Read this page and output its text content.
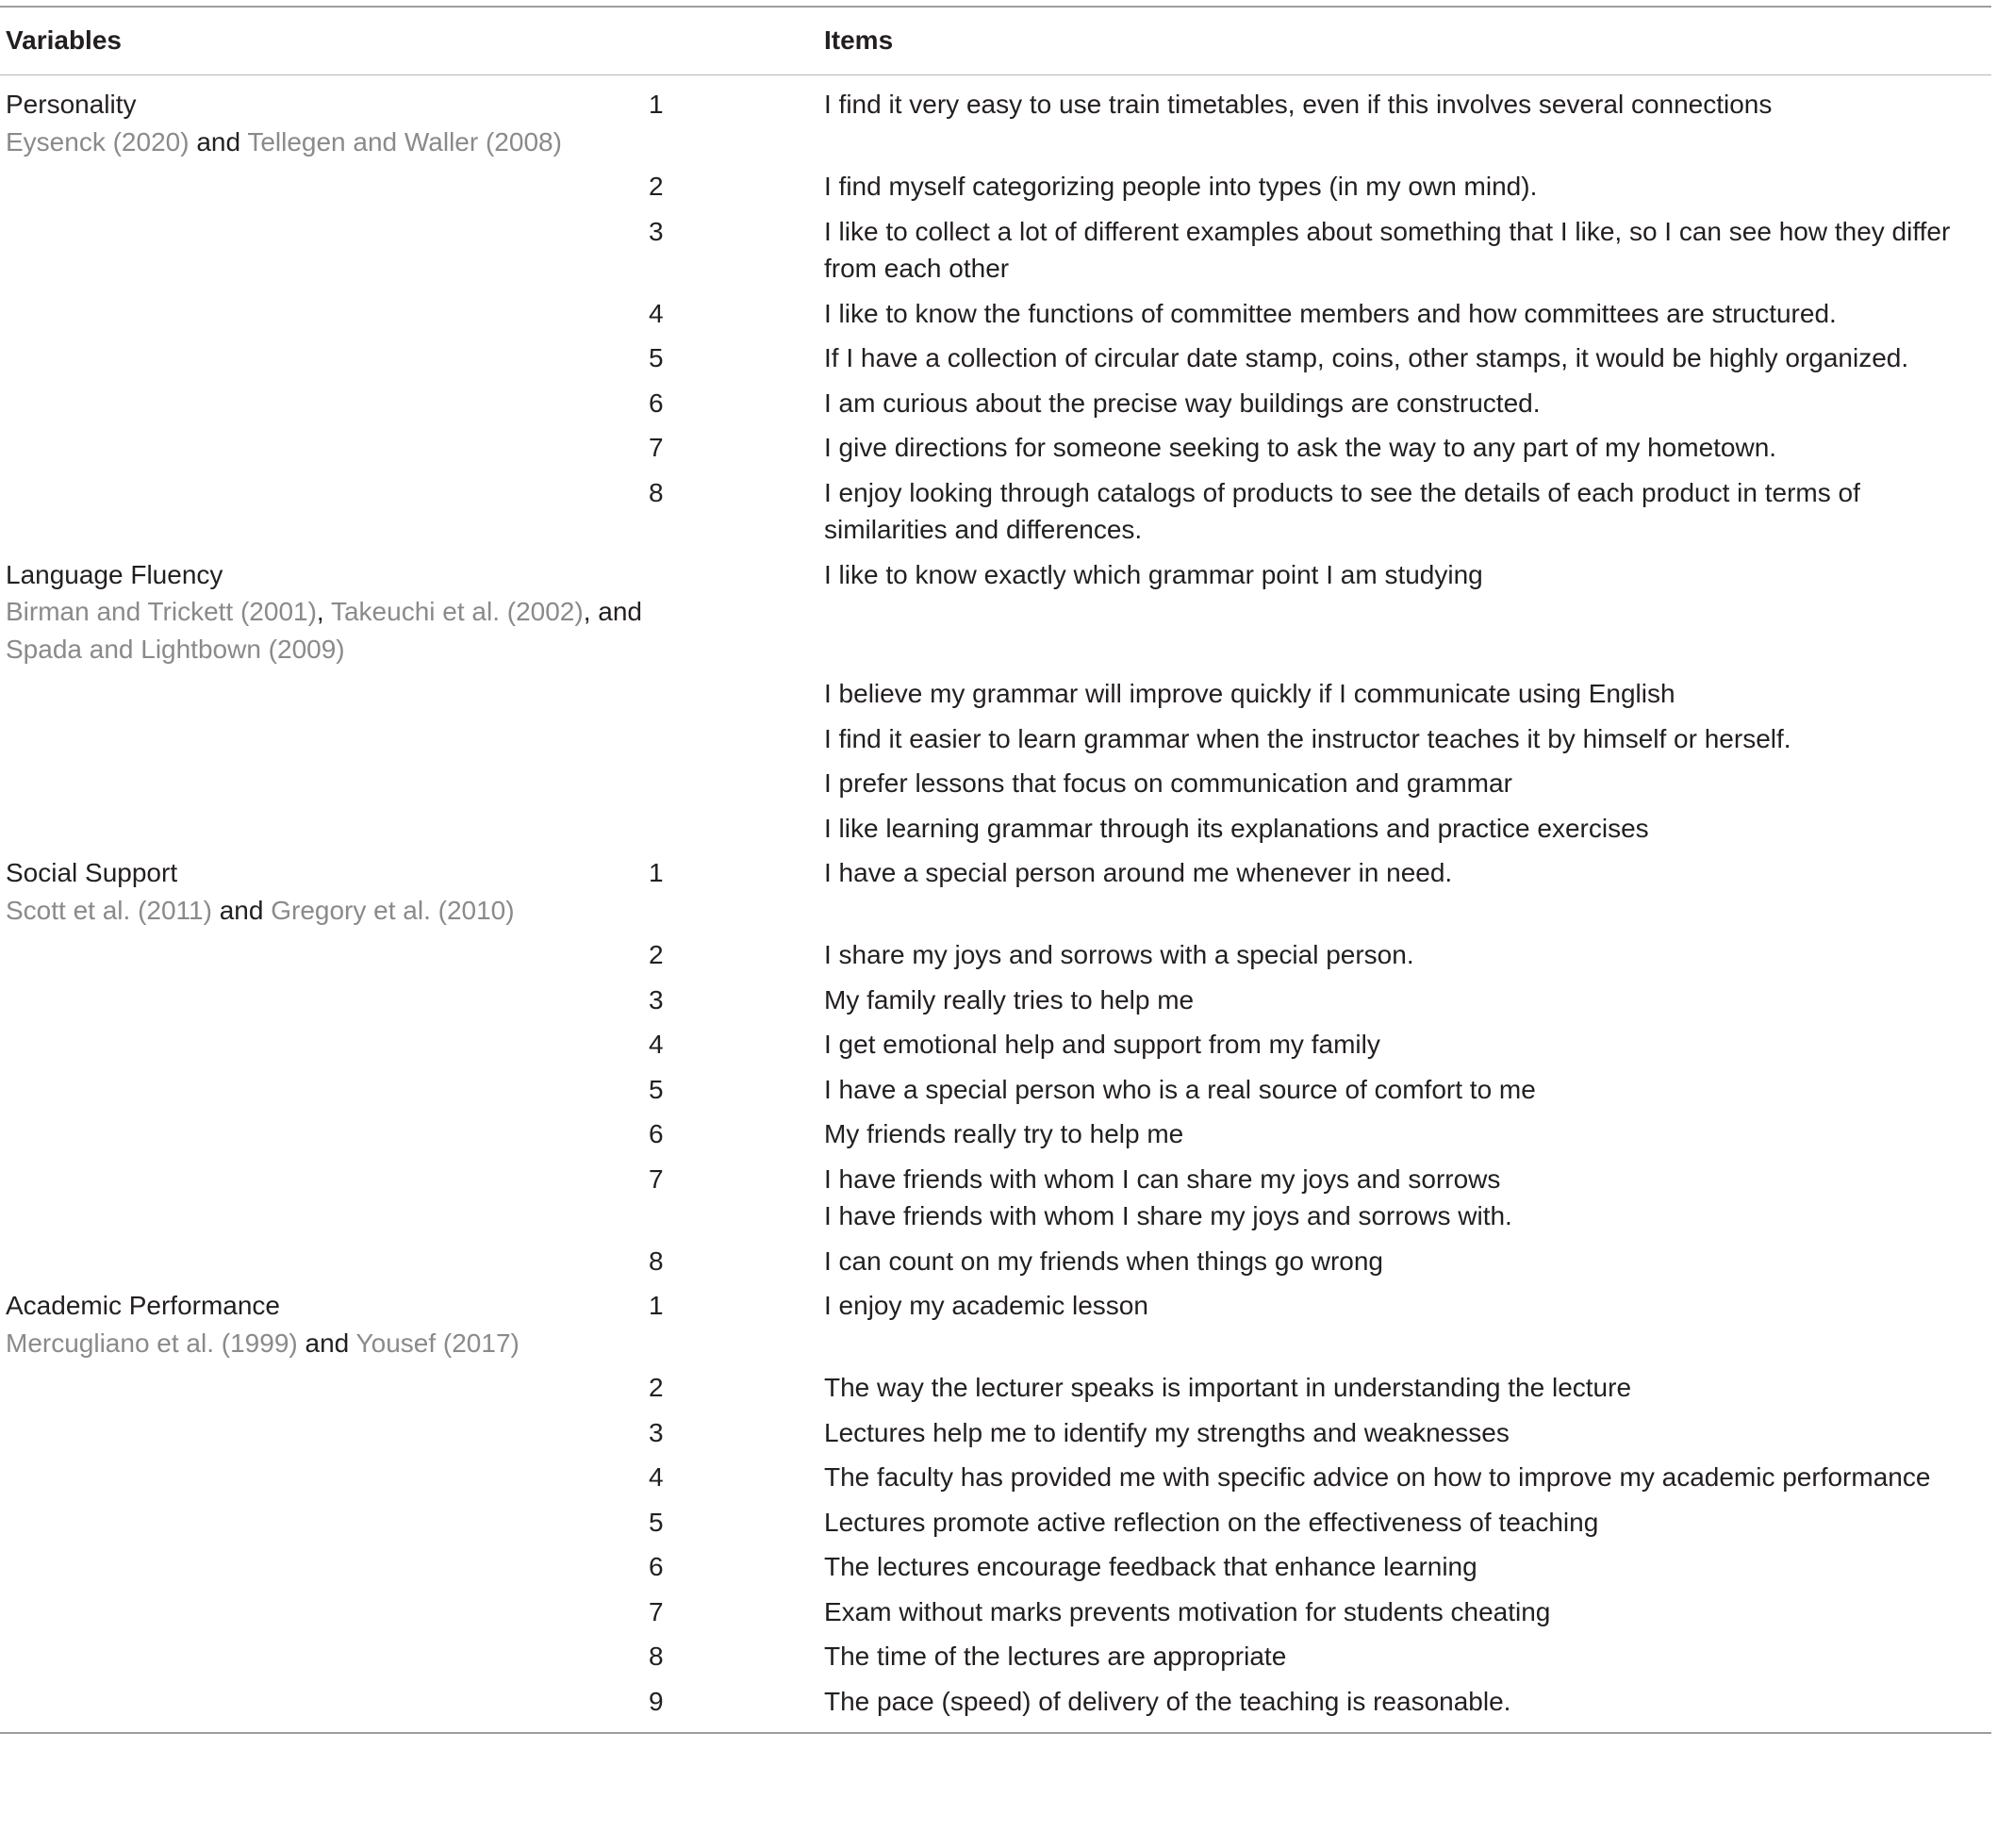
Variables		Items

Personality
Eysenck (2020) and Tellegen and Waller (2008)	1	I find it very easy to use train timetables, even if this involves several connections

	2	I find myself categorizing people into types (in my own mind).

	3	I like to collect a lot of different examples about something that I like, so I can see how they differ from each other

	4	I like to know the functions of committee members and how committees are structured.

	5	If I have a collection of circular date stamp, coins, other stamps, it would be highly organized.

	6	I am curious about the precise way buildings are constructed.

	7	I give directions for someone seeking to ask the way to any part of my hometown.

	8	I enjoy looking through catalogs of products to see the details of each product in terms of similarities and differences.

Language Fluency
Birman and Trickett (2001), Takeuchi et al. (2002), and Spada and Lightbown (2009)		I like to know exactly which grammar point I am studying

		I believe my grammar will improve quickly if I communicate using English

		I find it easier to learn grammar when the instructor teaches it by himself or herself.

		I prefer lessons that focus on communication and grammar

		I like learning grammar through its explanations and practice exercises

Social Support
Scott et al. (2011) and Gregory et al. (2010)	1	I have a special person around me whenever in need.

	2	I share my joys and sorrows with a special person.

	3	My family really tries to help me

	4	I get emotional help and support from my family

	5	I have a special person who is a real source of comfort to me

	6	My friends really try to help me

	7	I have friends with whom I can share my joys and sorrows
I have friends with whom I share my joys and sorrows with.

	8	I can count on my friends when things go wrong

Academic Performance
Mercugliano et al. (1999) and Yousef (2017)	1	I enjoy my academic lesson

	2	The way the lecturer speaks is important in understanding the lecture

	3	Lectures help me to identify my strengths and weaknesses

	4	The faculty has provided me with specific advice on how to improve my academic performance

	5	Lectures promote active reflection on the effectiveness of teaching

	6	The lectures encourage feedback that enhance learning

	7	Exam without marks prevents motivation for students cheating

	8	The time of the lectures are appropriate

	9	The pace (speed) of delivery of the teaching is reasonable.
